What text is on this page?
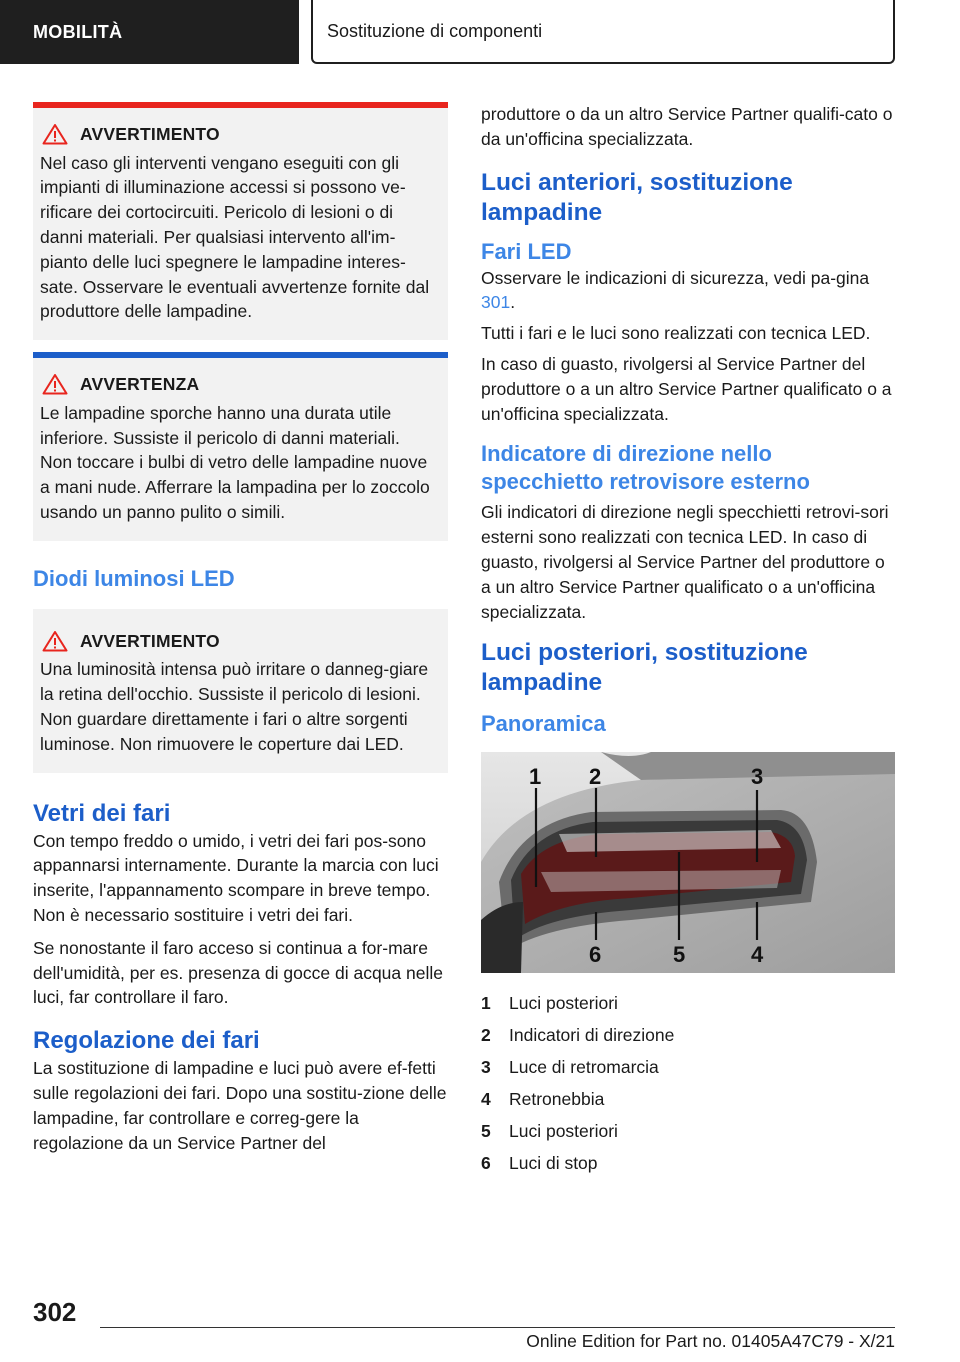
MOBILITÀ	Sostituzione di componenti
AVVERTIMENTO

Nel caso gli interventi vengano eseguiti con gli impianti di illuminazione accessi si possono ve-rificare dei cortocircuiti. Pericolo di lesioni o di danni materiali. Per qualsiasi intervento all'im-pianto delle luci spegnere le lampadine interes-sate. Osservare le eventuali avvertenze fornite dal produttore delle lampadine.

AVVERTENZA

Le lampadine sporche hanno una durata utile inferiore. Sussiste il pericolo di danni materiali. Non toccare i bulbi di vetro delle lampadine nuove a mani nude. Afferrare la lampadina per lo zoccolo usando un panno pulito o simili.

Diodi luminosi LED
AVVERTIMENTO

Una luminosità intensa può irritare o danneg-giare la retina dell'occhio. Sussiste il pericolo di lesioni. Non guardare direttamente i fari o altre sorgenti luminose. Non rimuovere le coperture dai LED.

Vetri dei fari

Con tempo freddo o umido, i vetri dei fari pos-sono appannarsi internamente. Durante la marcia con luci inserite, l'appannamento scompare in breve tempo. Non è necessario sostituire i vetri dei fari.

Se nonostante il faro acceso si continua a for-mare dell'umidità, per es. presenza di gocce di acqua nelle luci, far controllare il faro.

Regolazione dei fari

La sostituzione di lampadine e luci può avere ef-fetti sulle regolazioni dei fari. Dopo una sostitu-zione delle lampadine, far controllare e correg-gere la regolazione da un Service Partner del

produttore o da un altro Service Partner qualifi-cato o da un'officina specializzata.

Luci anteriori, sostituzione lampadine
Fari LED

Osservare le indicazioni di sicurezza, vedi pa-gina 301.

Tutti i fari e le luci sono realizzati con tecnica LED.

In caso di guasto, rivolgersi al Service Partner del produttore o a un altro Service Partner qualificato o a un'officina specializzata.

Indicatore di direzione nello specchietto retrovisore esterno

Gli indicatori di direzione negli specchietti retrovi-sori esterni sono realizzati con tecnica LED. In caso di guasto, rivolgersi al Service Partner del produttore o a un altro Service Partner qualificato o a un'officina specializzata.

Luci posteriori, sostituzione lampadine
Panoramica
1 2	3
4
5
6
1	Luci posteriori
2	Indicatori di direzione
3	Luce di retromarcia
4	Retronebbia
5	Luci posteriori
6	Luci di stop
302
Online Edition for Part no. 01405A47C79 - X/21
